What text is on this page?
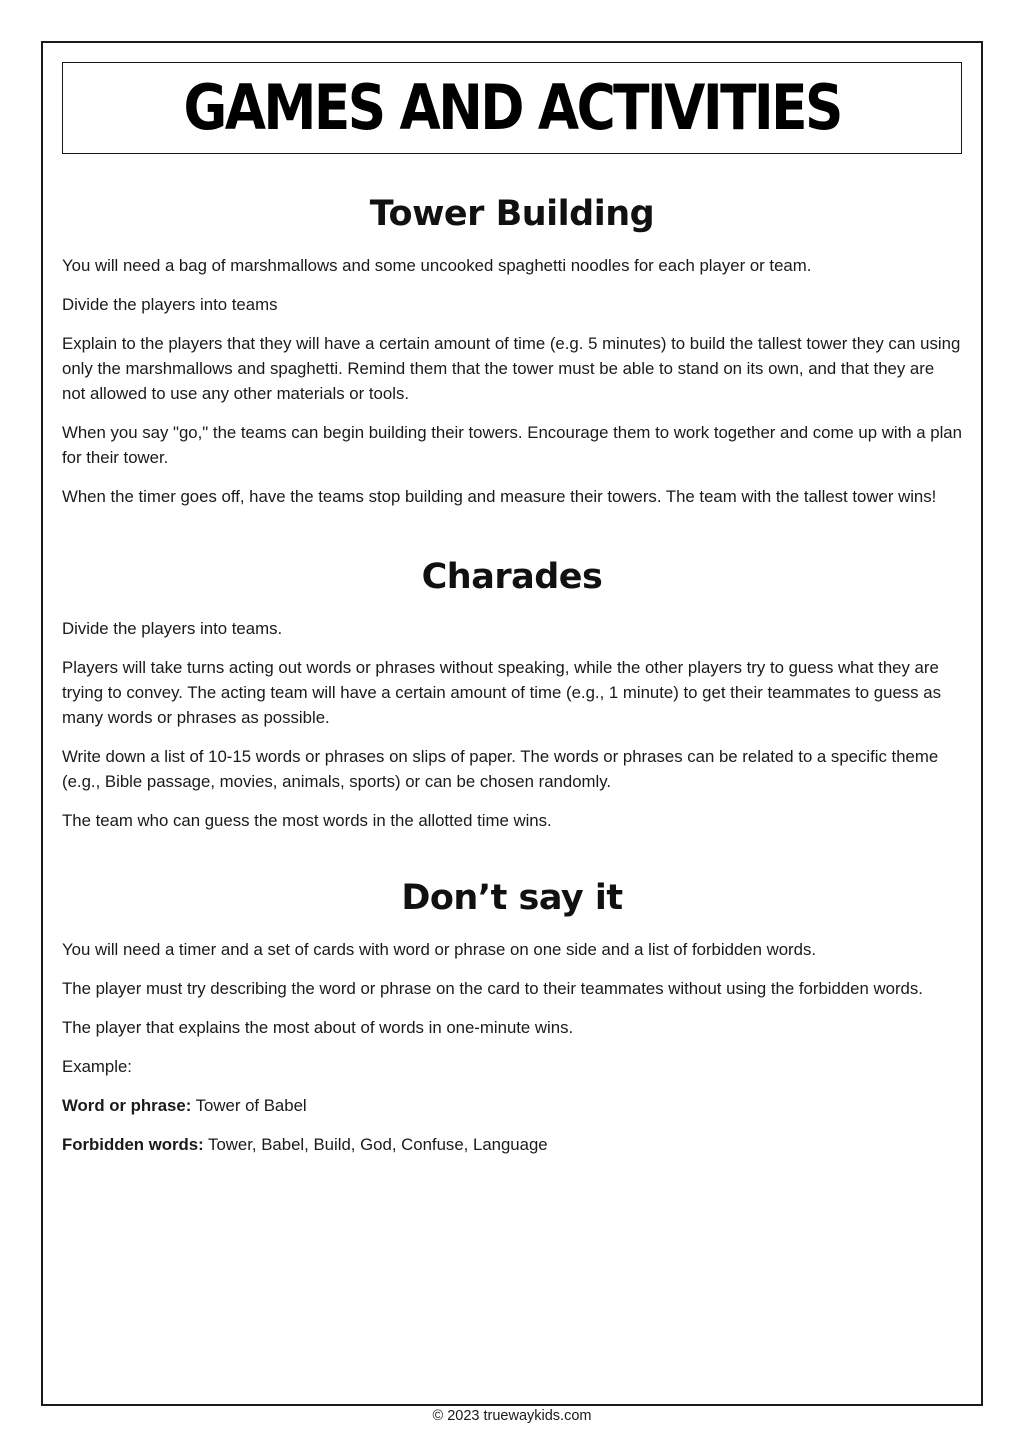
GAMES AND ACTIVITIES
Tower Building

You will need a bag of marshmallows and some uncooked spaghetti noodles for each player or team.

Divide the players into teams

Explain to the players that they will have a certain amount of time (e.g. 5 minutes) to build the tallest tower they can using only the marshmallows and spaghetti. Remind them that the tower must be able to stand on its own, and that they are not allowed to use any other materials or tools.

When you say "go," the teams can begin building their towers. Encourage them to work together and come up with a plan for their tower.

When the timer goes off, have the teams stop building and measure their towers. The team with the tallest tower wins!

Charades

Divide the players into teams.

Players will take turns acting out words or phrases without speaking, while the other players try to guess what they are trying to convey. The acting team will have a certain amount of time (e.g., 1 minute) to get their teammates to guess as many words or phrases as possible.

Write down a list of 10-15 words or phrases on slips of paper. The words or phrases can be related to a specific theme (e.g., Bible passage, movies, animals, sports) or can be chosen randomly.

The team who can guess the most words in the allotted time wins.

Don’t say it

You will need a timer and a set of cards with word or phrase on one side and a list of forbidden words.

The player must try describing the word or phrase on the card to their teammates without using the forbidden words.

The player that explains the most about of words in one-minute wins.

Example:

Word or phrase: Tower of Babel

Forbidden words: Tower, Babel, Build, God, Confuse, Language

© 2023 truewaykids.com
